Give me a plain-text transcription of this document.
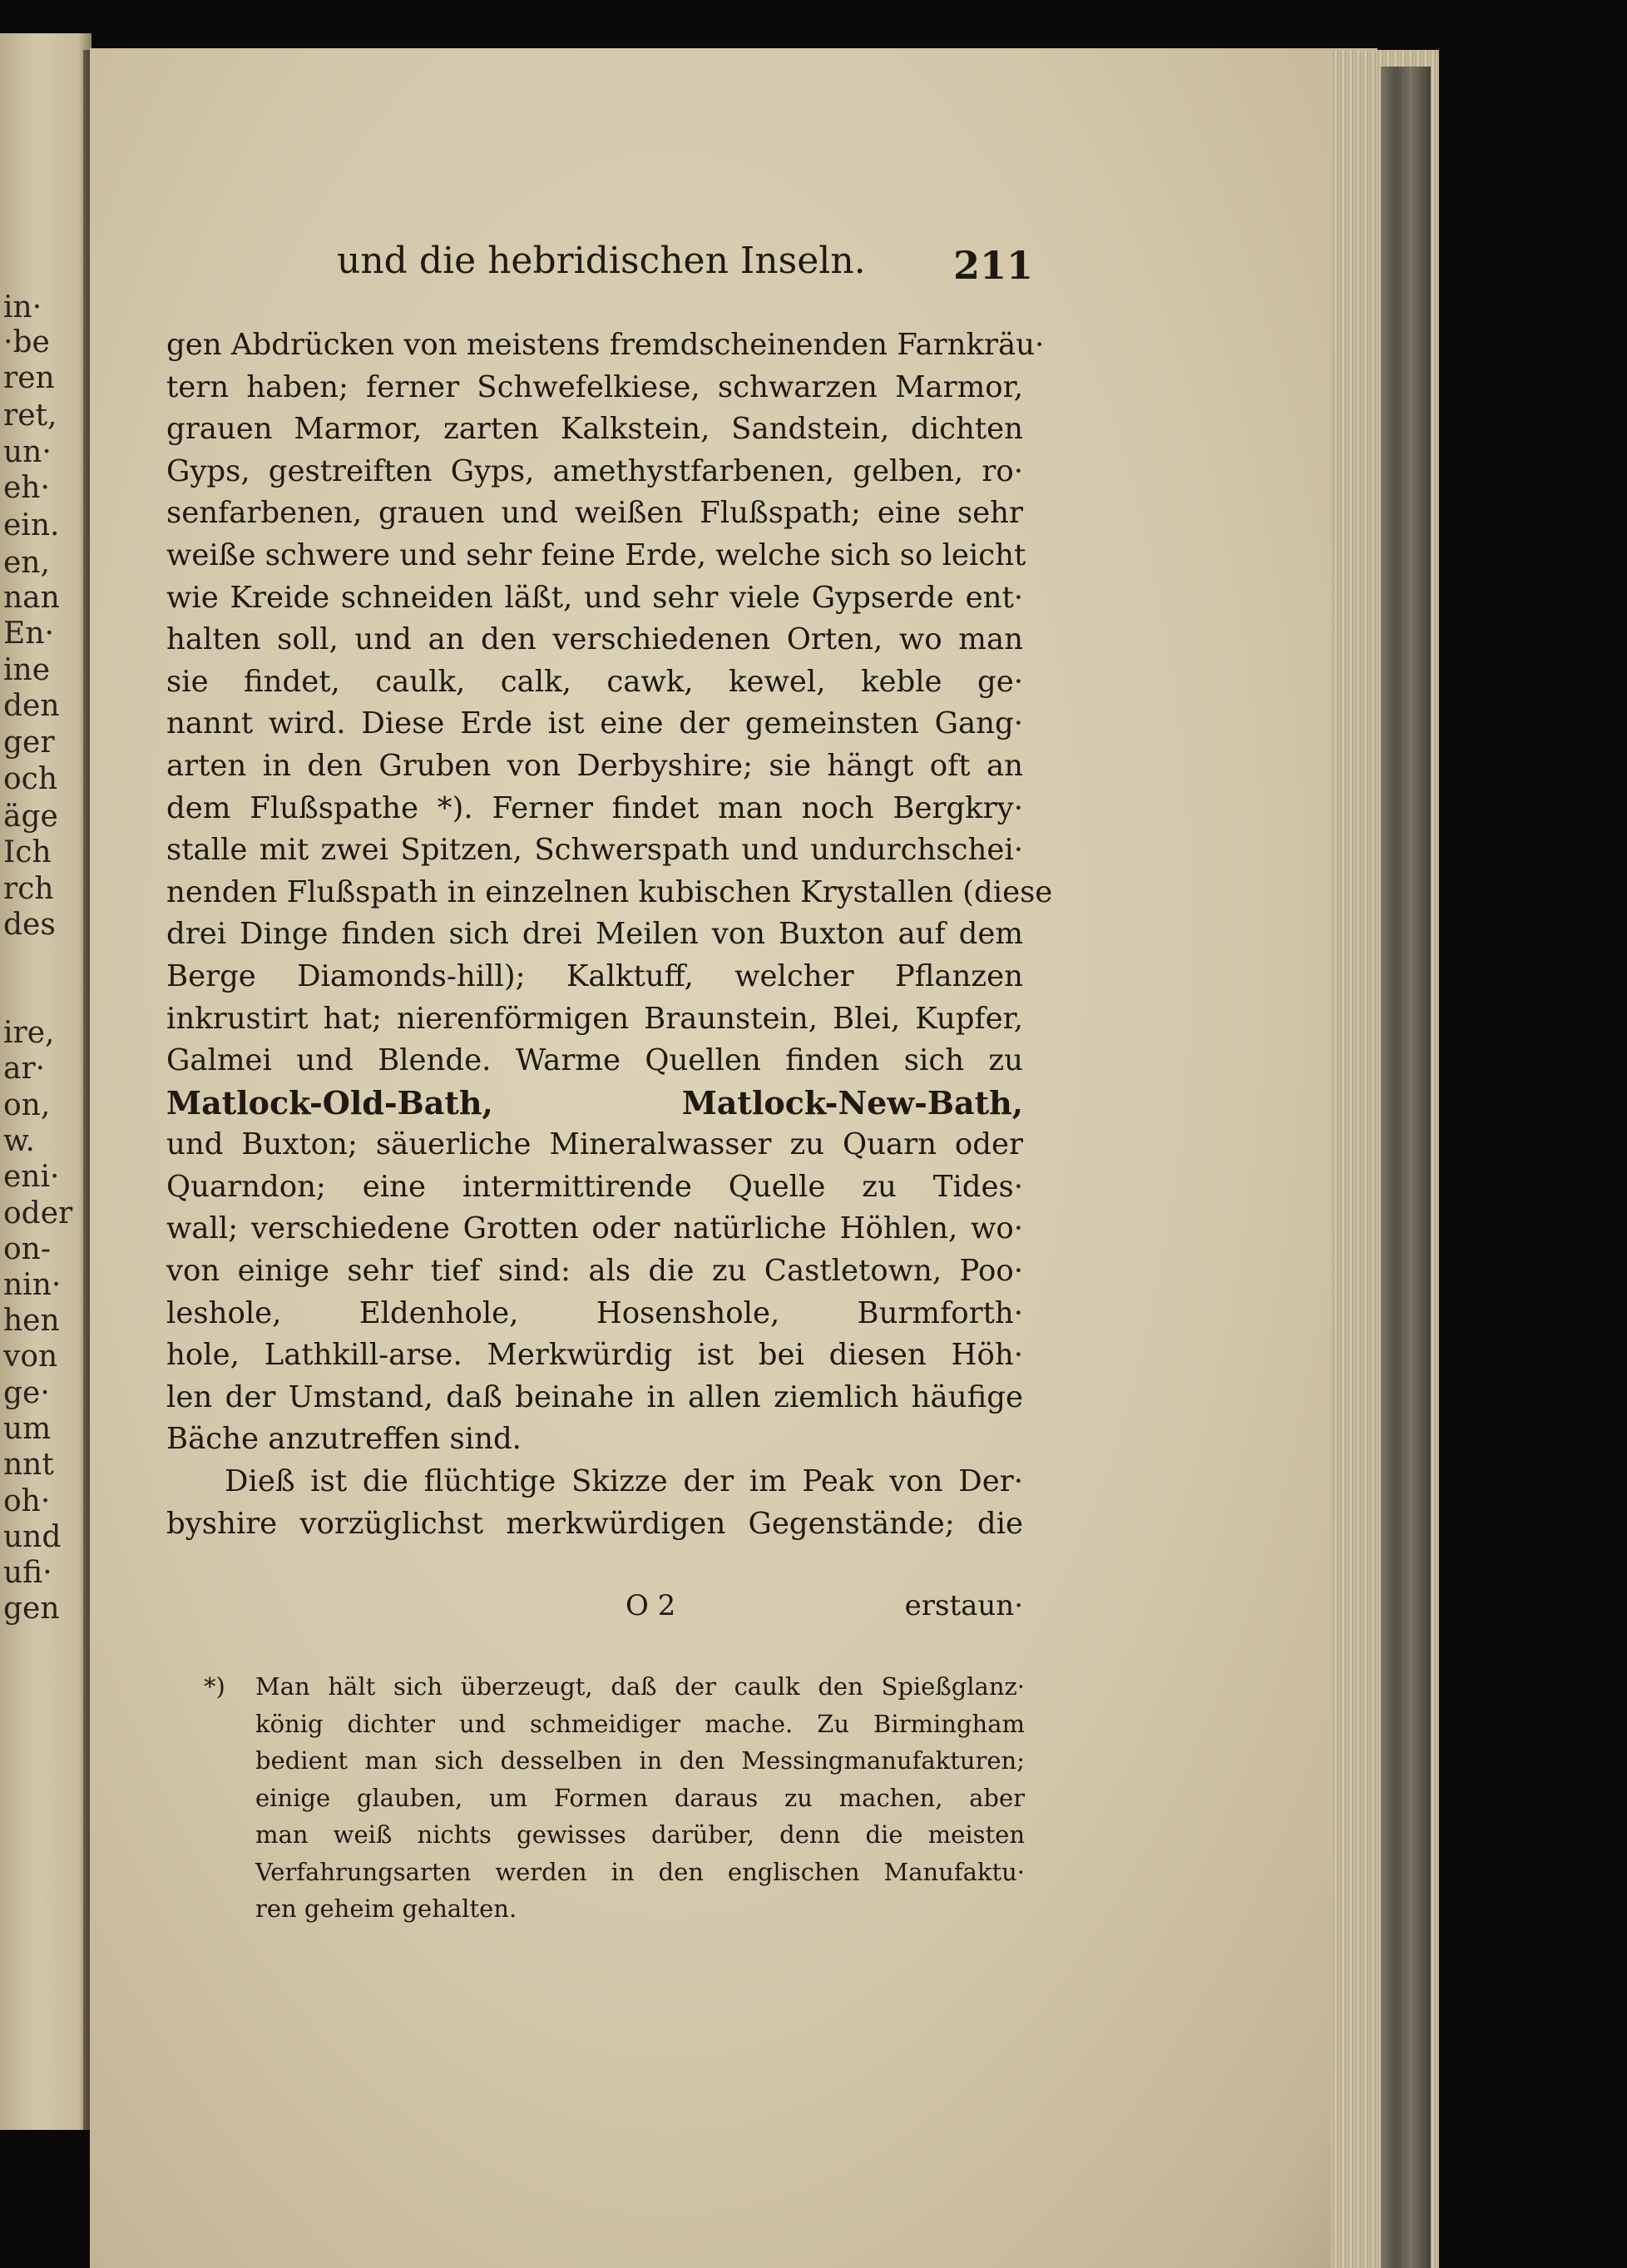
in·
·be
ren
ret,
un·
eh·
ein.
en,
nan
En·
ine
den
ger
och
äge
Ich
rch
des
ire,
ar·
on,
w.
eni·
oder
on-
nin·
hen
von
ge·
um
nnt
oh·
und
ufi·
gen
und die hebridischen Inseln. 211
gen Abdrücken von meistens fremdscheinenden Farnkräu·
tern haben; ferner Schwefelkiese, schwarzen Marmor,
grauen Marmor, zarten Kalkstein, Sandstein, dichten
Gyps, gestreiften Gyps, amethystfarbenen, gelben, ro·
senfarbenen, grauen und weißen Flußspath; eine sehr
weiße schwere und sehr feine Erde, welche sich so leicht
wie Kreide schneiden läßt, und sehr viele Gypserde ent·
halten soll, und an den verschiedenen Orten, wo man
sie findet, caulk, calk, cawk, kewel, keble ge·
nannt wird. Diese Erde ist eine der gemeinsten Gang·
arten in den Gruben von Derbyshire; sie hängt oft an
dem Flußspathe *). Ferner findet man noch Bergkry·
stalle mit zwei Spitzen, Schwerspath und undurchschei·
nenden Flußspath in einzelnen kubischen Krystallen (diese
drei Dinge finden sich drei Meilen von Buxton auf dem
Berge Diamonds-hill); Kalktuff, welcher Pflanzen
inkrustirt hat; nierenförmigen Braunstein, Blei, Kupfer,
Galmei und Blende. Warme Quellen finden sich zu
Matlock-Old-Bath, Matlock-New-Bath,
und Buxton; säuerliche Mineralwasser zu Quarn oder
Quarndon; eine intermittirende Quelle zu Tides·
wall; verschiedene Grotten oder natürliche Höhlen, wo·
von einige sehr tief sind: als die zu Castletown, Poo·
leshole, Eldenhole, Hosenshole, Burmforth·
hole, Lathkill-arse. Merkwürdig ist bei diesen Höh·
len der Umstand, daß beinahe in allen ziemlich häufige
Bäche anzutreffen sind.
Dieß ist die flüchtige Skizze der im Peak von Der·
byshire vorzüglichst merkwürdigen Gegenstände; die
O 2	erstaun·
*)	Man hält sich überzeugt, daß der caulk den Spießglanz·
könig dichter und schmeidiger mache. Zu Birmingham
bedient man sich desselben in den Messingmanufakturen;
einige glauben, um Formen daraus zu machen, aber
man weiß nichts gewisses darüber, denn die meisten
Verfahrungsarten werden in den englischen Manufaktu·
ren geheim gehalten.
